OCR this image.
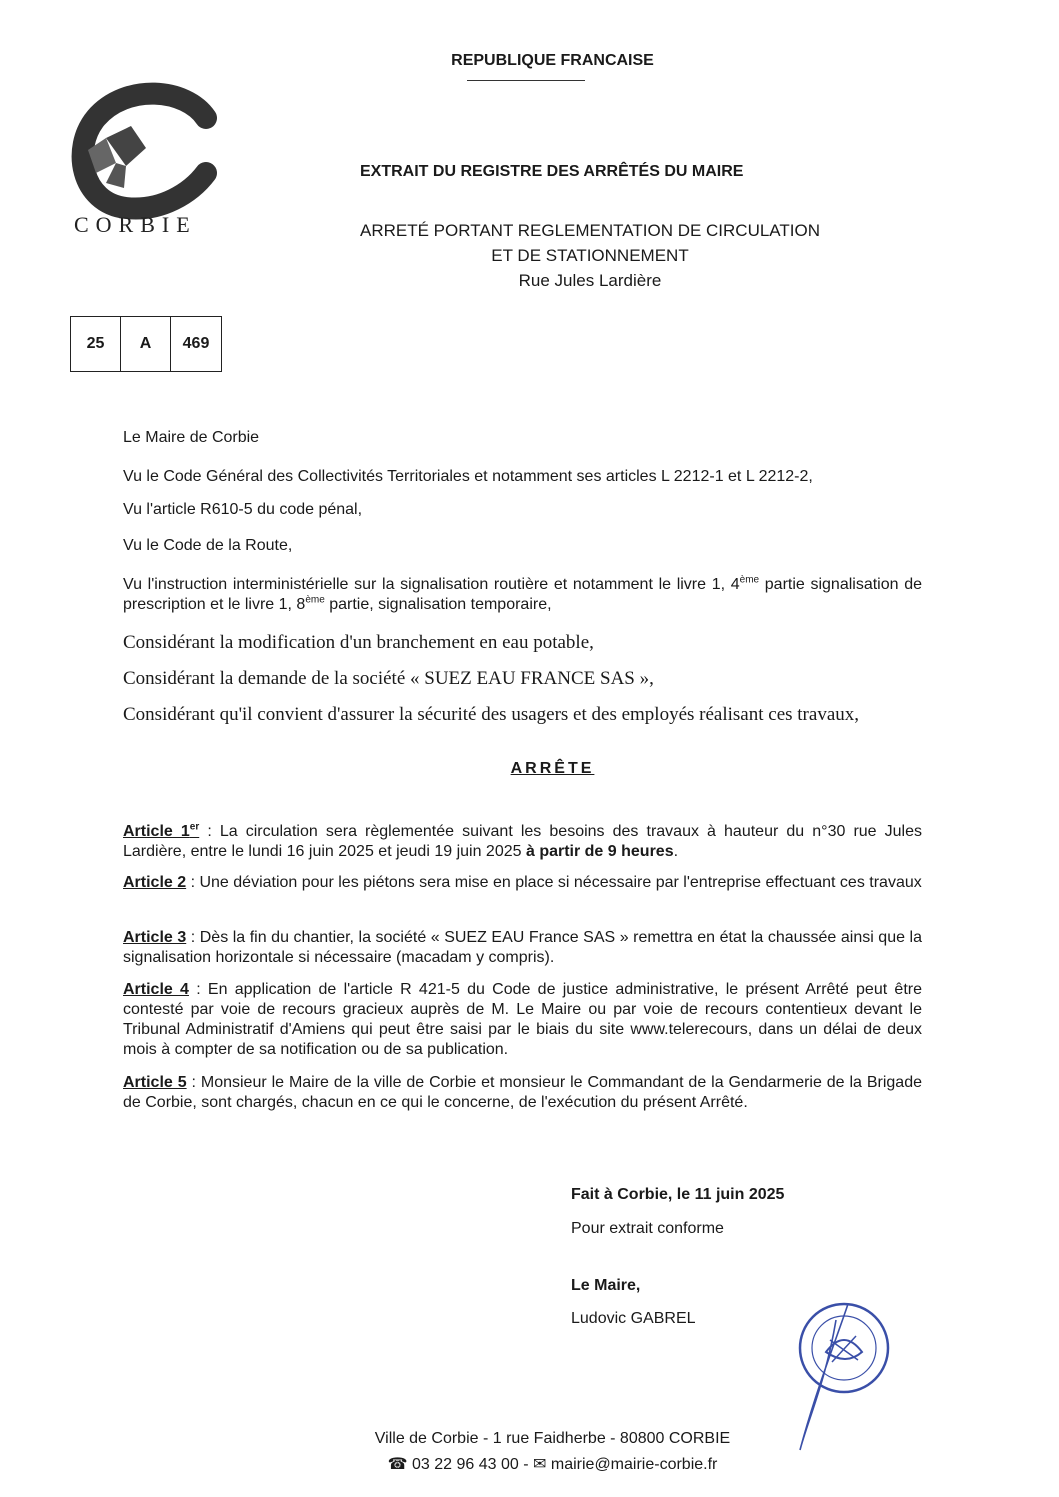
REPUBLIQUE FRANCAISE
CORBIE
EXTRAIT DU REGISTRE DES ARRÊTÉS DU MAIRE
ARRETÉ PORTANT REGLEMENTATION DE CIRCULATION
ET DE STATIONNEMENT
Rue Jules Lardière
25	A	469
Le Maire de Corbie
Vu le Code Général des Collectivités Territoriales et notamment ses articles L 2212-1 et L 2212-2,
Vu l'article R610-5 du code pénal,
Vu le Code de la Route,
Vu l'instruction interministérielle sur la signalisation routière et notamment le livre 1, 4ème partie signalisation de prescription et le livre 1, 8ème partie, signalisation temporaire,
Considérant la modification d'un branchement en eau potable,
Considérant la demande de la société « SUEZ EAU FRANCE SAS »,
Considérant qu'il convient d'assurer la sécurité des usagers et des employés réalisant ces travaux,
ARRÊTE
Article 1er : La circulation sera règlementée suivant les besoins des travaux à hauteur du n°30 rue Jules Lardière, entre le lundi 16 juin 2025 et jeudi 19 juin 2025 à partir de 9 heures.
Article 2 : Une déviation pour les piétons sera mise en place si nécessaire par l'entreprise effectuant ces travaux
Article 3 : Dès la fin du chantier, la société « SUEZ EAU France SAS » remettra en état la chaussée ainsi que la signalisation horizontale si nécessaire (macadam y compris).
Article 4 : En application de l'article R 421-5 du Code de justice administrative, le présent Arrêté peut être contesté par voie de recours gracieux auprès de M. Le Maire ou par voie de recours contentieux devant le Tribunal Administratif d'Amiens qui peut être saisi par le biais du site www.telerecours, dans un délai de deux mois à compter de sa notification ou de sa publication.
Article 5 : Monsieur le Maire de la ville de Corbie et monsieur le Commandant de la Gendarmerie de la Brigade de Corbie, sont chargés, chacun en ce qui le concerne, de l'exécution du présent Arrêté.
Fait à Corbie, le 11 juin 2025
Pour extrait conforme
Le Maire,
Ludovic GABREL
Ville de Corbie - 1 rue Faidherbe - 80800 CORBIE
☎ 03 22 96 43 00 - ✉ mairie@mairie-corbie.fr
